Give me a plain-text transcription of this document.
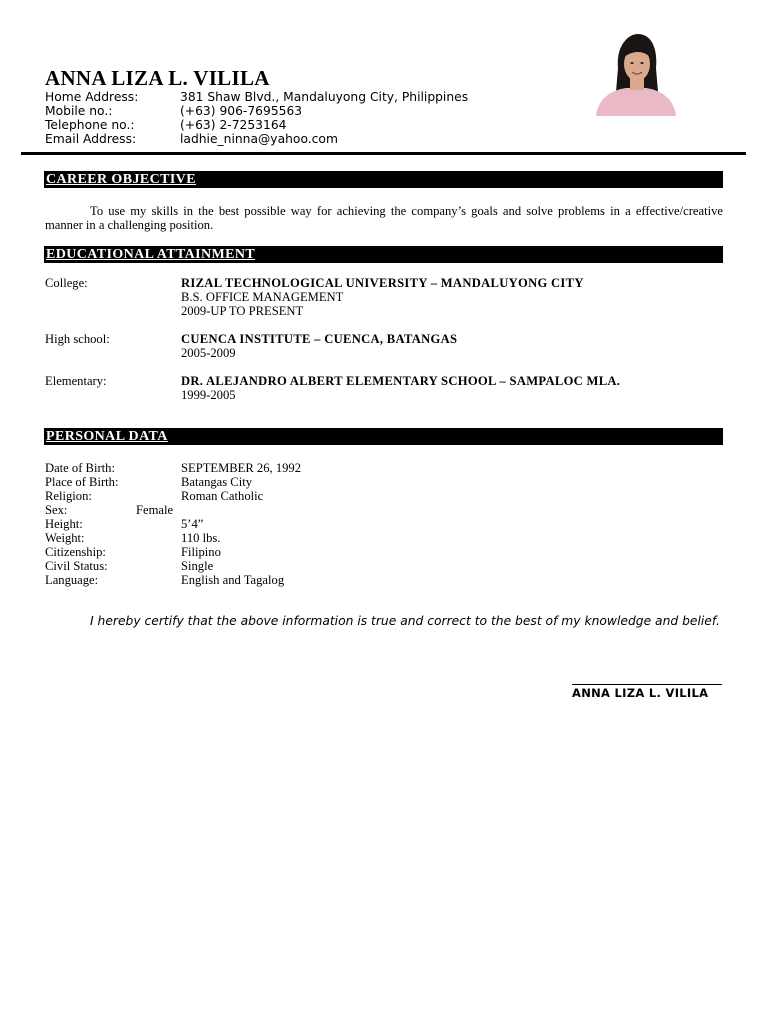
ANNA LIZA L. VILILA
Home Address:	381 Shaw Blvd., Mandaluyong City, Philippines
Mobile no.:	(+63) 906-7695563
Telephone no.:	(+63) 2-7253164
Email Address:	ladhie_ninna@yahoo.com
CAREER OBJECTIVE

To use my skills in the best possible way for achieving the company’s goals and solve problems in a effective/creative manner in a challenging position.

EDUCATIONAL ATTAINMENT
College:	RIZAL TECHNOLOGICAL UNIVERSITY – MANDALUYONG CITY
B.S. OFFICE MANAGEMENT
2009-UP TO PRESENT
High school:	CUENCA INSTITUTE – CUENCA, BATANGAS
2005-2009
Elementary:	DR. ALEJANDRO ALBERT ELEMENTARY SCHOOL – SAMPALOC MLA.
1999-2005
PERSONAL DATA
Date of Birth:	SEPTEMBER 26, 1992
Place of Birth:	Batangas City
Religion:	Roman Catholic
Sex:	Female
Height:	5’4”
Weight:	110 lbs.
Citizenship:	Filipino
Civil Status:	Single
Language:	English and Tagalog

I hereby certify that the above information is true and correct to the best of my knowledge and belief.

ANNA LIZA L. VILILA
